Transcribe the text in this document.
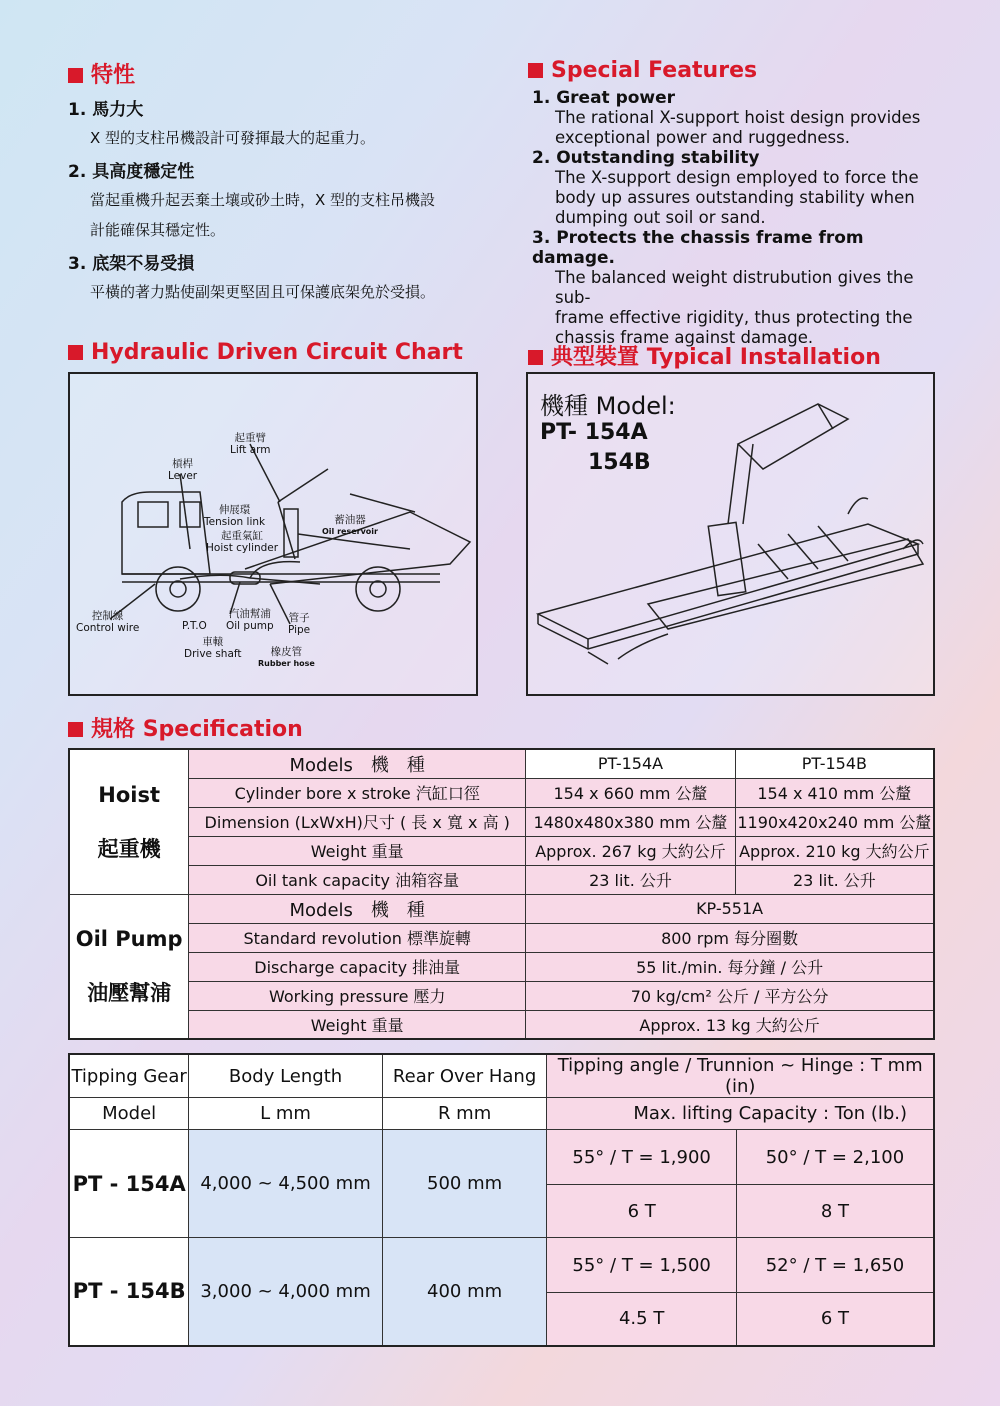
特性
1. 馬力大
X 型的支柱吊機設計可發揮最大的起重力。
2. 具高度穩定性
當起重機升起丟棄土壤或砂土時，X 型的支柱吊機設
計能確保其穩定性。
3. 底架不易受損
平橫的著力點使副架更堅固且可保護底架免於受損。
Special Features
1. Great power
The rational X-support hoist design provides
exceptional power and ruggedness.
2. Outstanding stability
The X-support design employed to force the
body up assures outstanding stability when
dumping out soil or sand.
3. Protects the chassis frame from damage.
The balanced weight distrubution gives the sub-
frame effective rigidity, thus protecting the
chassis frame against damage.
Hydraulic Driven Circuit Chart
起重臂
Lift arm
槓桿
Lever
伸展環
Tension link
起重氣缸
Hoist cylinder
蓄油器
Oil reservoir
控制線
Control wire	P.T.O
汽油幫浦
Oil pump
管子
Pipe
車轅
Drive shaft	橡皮管
Rubber hose
典型裝置 Typical Installation
機種 Model:
PT- 154A
154B
規格 Specification
Hoist
起重機	Models　機　種	PT-154A	PT-154B
	Cylinder bore x stroke 汽缸口徑	154 x 660 mm 公釐	154 x 410 mm 公釐
	Dimension (LxWxH)尺寸 ( 長 x 寬 x 高 )	1480x480x380 mm 公釐	1190x420x240 mm 公釐
	Weight 重量	Approx. 267 kg 大約公斤	Approx. 210 kg 大約公斤
	Oil tank capacity 油箱容量	23 lit. 公升	23 lit. 公升

Oil Pump
油壓幫浦	Models　機　種	KP-551A	
	Standard revolution 標準旋轉	800 rpm 每分圈數	
	Discharge capacity 排油量	55 lit./min. 每分鐘 / 公升	
	Working pressure 壓力	70 kg/cm² 公斤 / 平方公分	
	Weight 重量	Approx. 13 kg 大約公斤	
Tipping Gear	Body Length	Rear Over Hang	Tipping angle / Trunnion ~ Hinge : T mm (in)	
Model	L mm	R mm	Max. lifting Capacity : Ton (lb.)	
PT - 154A	4,000 ~ 4,500 mm	500 mm	55° / T = 1,900	50° / T = 2,100
			6 T	8 T
PT - 154B	3,000 ~ 4,000 mm	400 mm	55° / T = 1,500	52° / T = 1,650
			4.5 T	6 T
